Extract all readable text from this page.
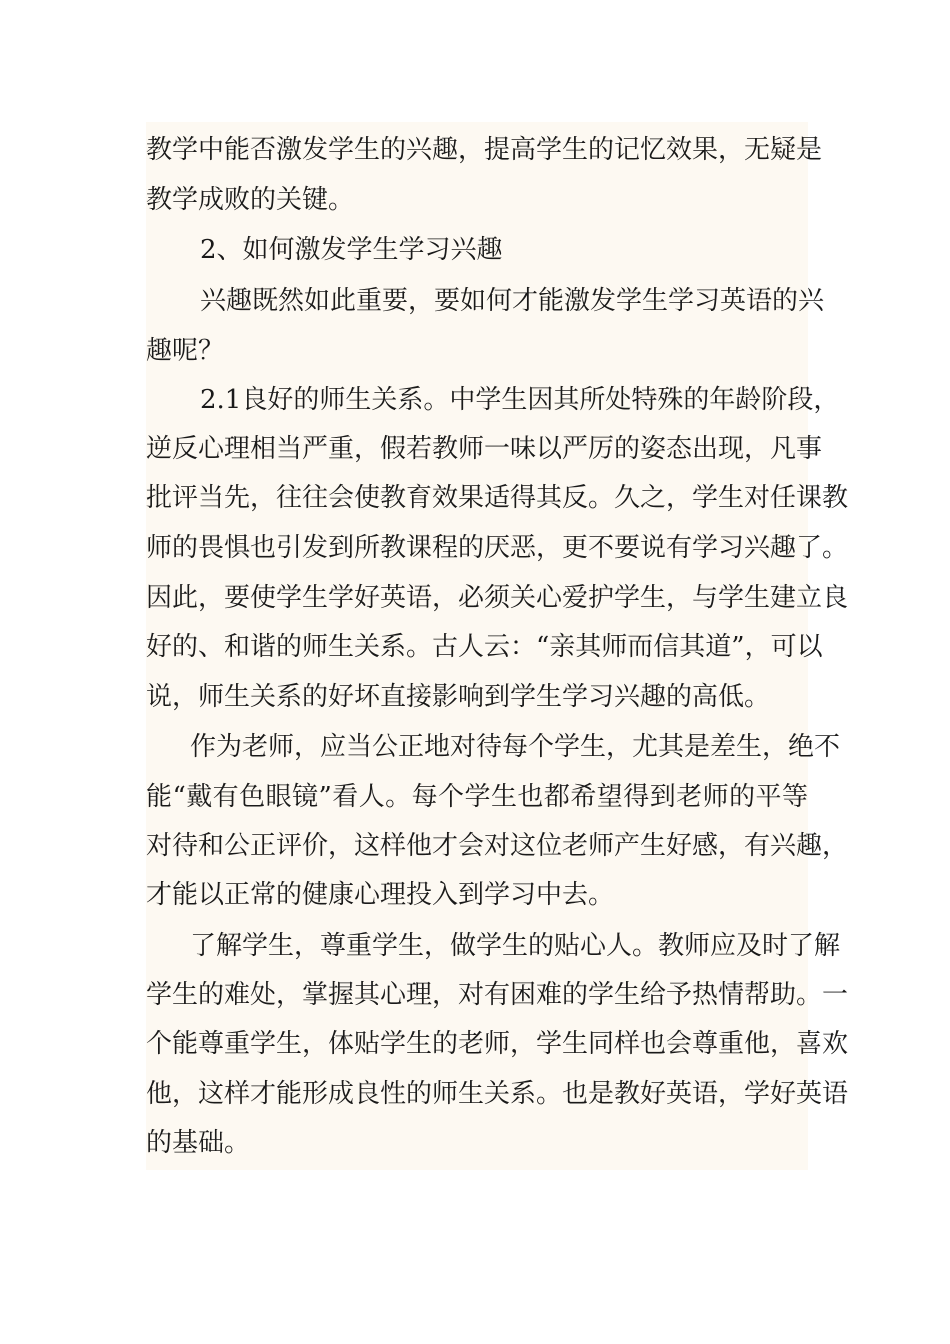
教学中能否激发学生的兴趣，提高学生的记忆效果，无疑是
教学成败的关键。
2、如何激发学生学习兴趣
兴趣既然如此重要，要如何才能激发学生学习英语的兴
趣呢？
2.1良好的师生关系。中学生因其所处特殊的年龄阶段，
逆反心理相当严重，假若教师一味以严厉的姿态出现，凡事
批评当先，往往会使教育效果适得其反。久之，学生对任课教
师的畏惧也引发到所教课程的厌恶，更不要说有学习兴趣了。
因此，要使学生学好英语，必须关心爱护学生，与学生建立良
好的、和谐的师生关系。古人云：“亲其师而信其道”，可以
说，师生关系的好坏直接影响到学生学习兴趣的高低。
作为老师，应当公正地对待每个学生，尤其是差生，绝不
能“戴有色眼镜”看人。每个学生也都希望得到老师的平等
对待和公正评价，这样他才会对这位老师产生好感，有兴趣，
才能以正常的健康心理投入到学习中去。
了解学生，尊重学生，做学生的贴心人。教师应及时了解
学生的难处，掌握其心理，对有困难的学生给予热情帮助。一
个能尊重学生，体贴学生的老师，学生同样也会尊重他，喜欢
他，这样才能形成良性的师生关系。也是教好英语，学好英语
的基础。
